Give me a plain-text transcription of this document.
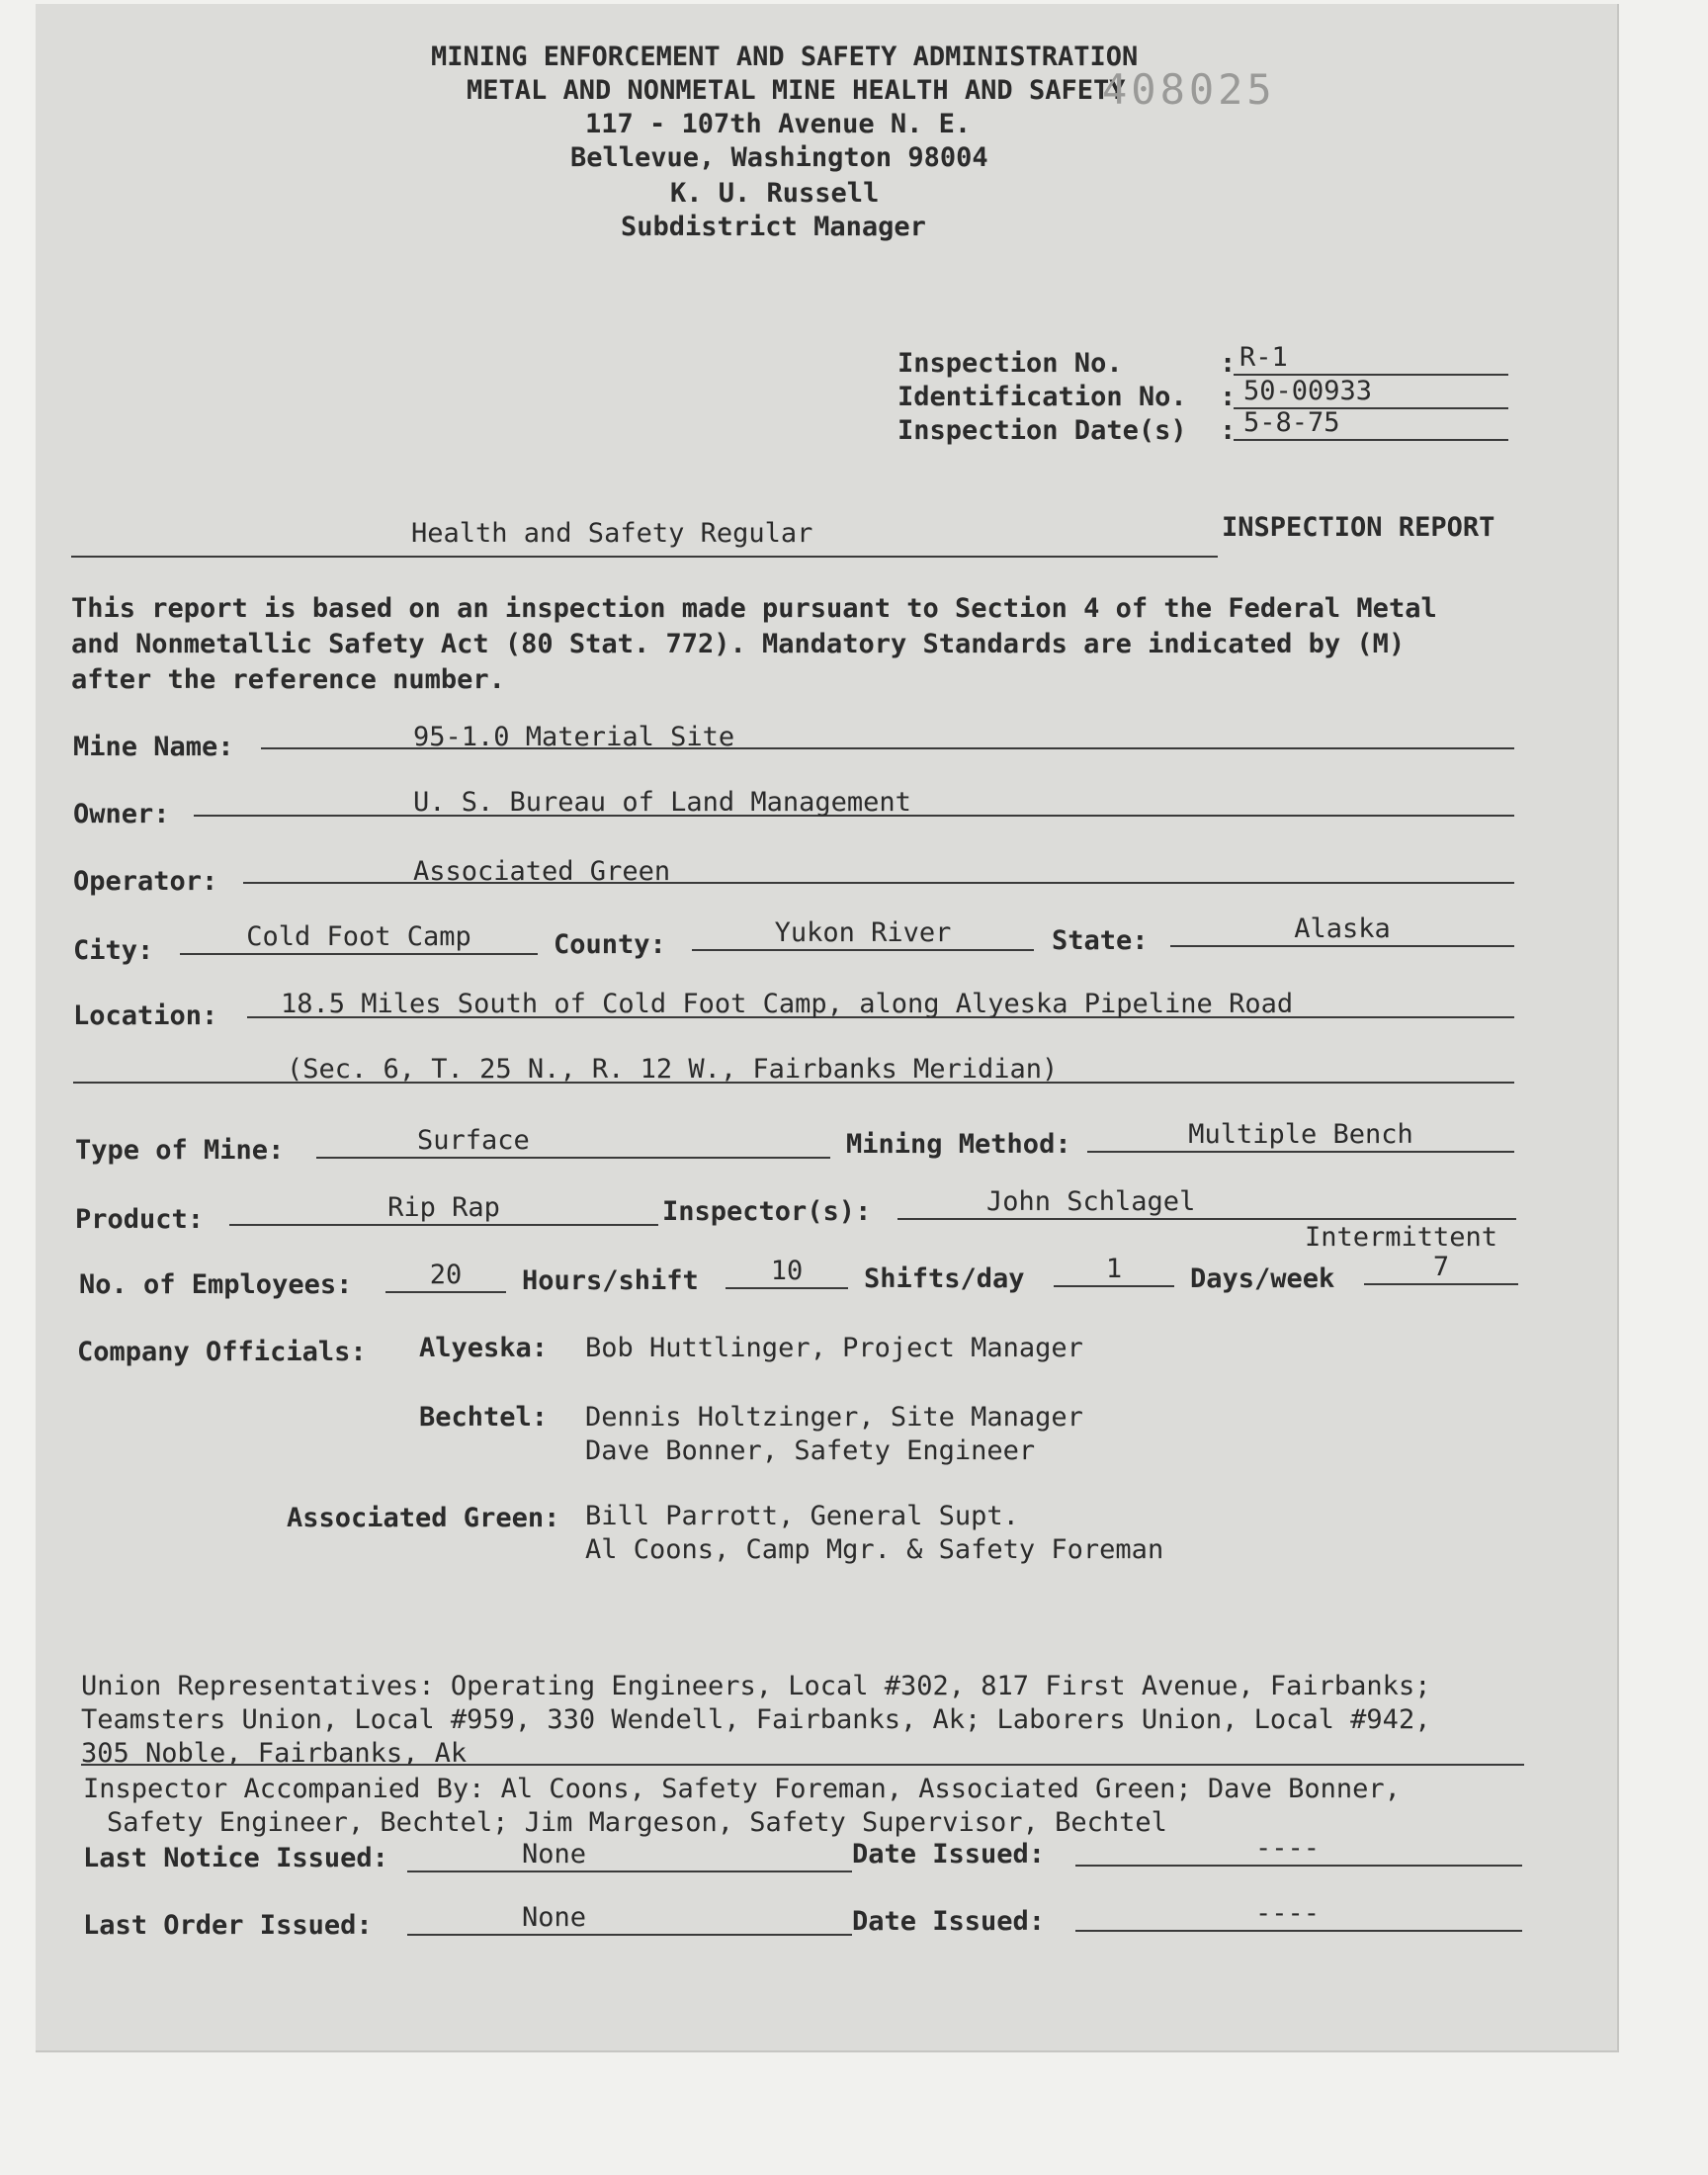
MINING ENFORCEMENT AND SAFETY ADMINISTRATION
METAL AND NONMETAL MINE HEALTH AND SAFETY
408025
117 - 107th Avenue N. E.
Bellevue, Washington 98004
K. U. Russell
Subdistrict Manager
Inspection No.	: R-1
Identification No. : 50-00933
Inspection Date(s) : 5-8-75
Health and Safety Regular	INSPECTION REPORT
This report is based on an inspection made pursuant to Section 4 of the Federal Metal
and Nonmetallic Safety Act (80 Stat. 772). Mandatory Standards are indicated by (M)
after the reference number.
Mine Name:	95-1.0 Material Site
Owner:	U. S. Bureau of Land Management
Operator:	Associated Green
City:	Cold Foot Camp	County:	Yukon River	State:	Alaska
Location: 18.5 Miles South of Cold Foot Camp, along Alyeska Pipeline Road
(Sec. 6, T. 25 N., R. 12 W., Fairbanks Meridian)
Type of Mine:	Surface	Mining Method:	Multiple Bench
Product:	Rip Rap	Inspector(s):	John Schlagel
Intermittent
No. of Employees:	20	Hours/shift	10	Shifts/day	1	Days/week	7
Company Officials: Alyeska: Bob Huttlinger, Project Manager
Bechtel: Dennis Holtzinger, Site Manager
Dave Bonner, Safety Engineer
Associated Green: Bill Parrott, General Supt.
Al Coons, Camp Mgr. & Safety Foreman
Union Representatives: Operating Engineers, Local #302, 817 First Avenue, Fairbanks;
Teamsters Union, Local #959, 330 Wendell, Fairbanks, Ak; Laborers Union, Local #942,
305 Noble, Fairbanks, Ak
Inspector Accompanied By: Al Coons, Safety Foreman, Associated Green; Dave Bonner,
Safety Engineer, Bechtel; Jim Margeson, Safety Supervisor, Bechtel
Last Notice Issued:	None	Date Issued:	----
Last Order Issued:	None	Date Issued:	----
